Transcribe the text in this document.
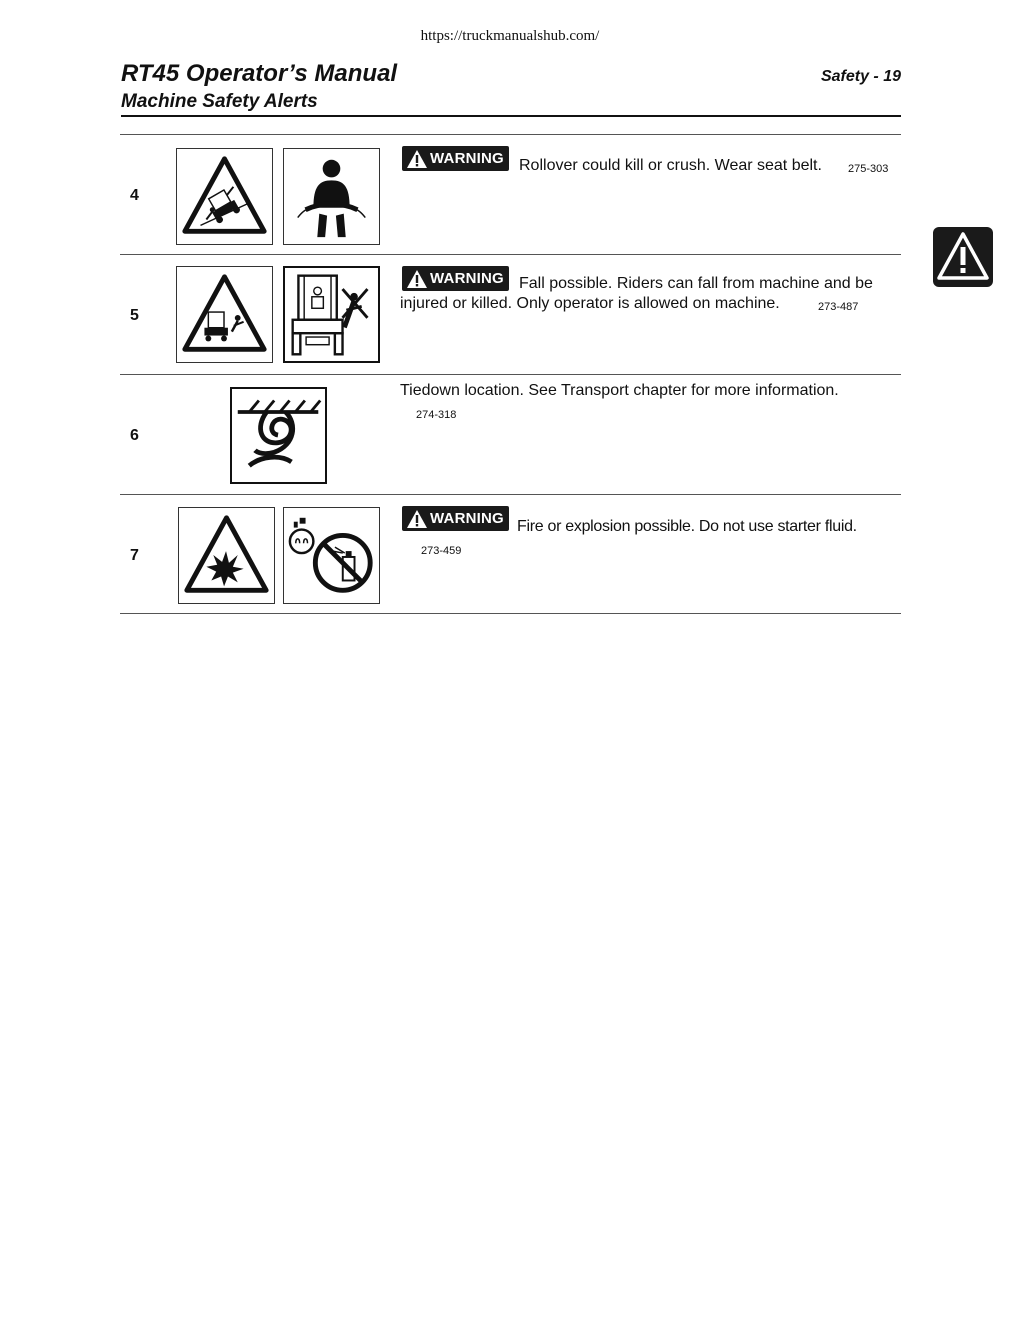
https://truckmanualshub.com/
RT45 Operator’s Manual
Machine Safety Alerts
Safety - 19
4
WARNING Rollover could kill or crush. Wear seat belt. 275-303
5
WARNING Fall possible. Riders can fall from machine and be
injured or killed. Only operator is allowed on machine.	273-487
6
Tiedown location. See Transport chapter for more information.
274-318
7
WARNING Fire or explosion possible. Do not use starter fluid.
273-459
